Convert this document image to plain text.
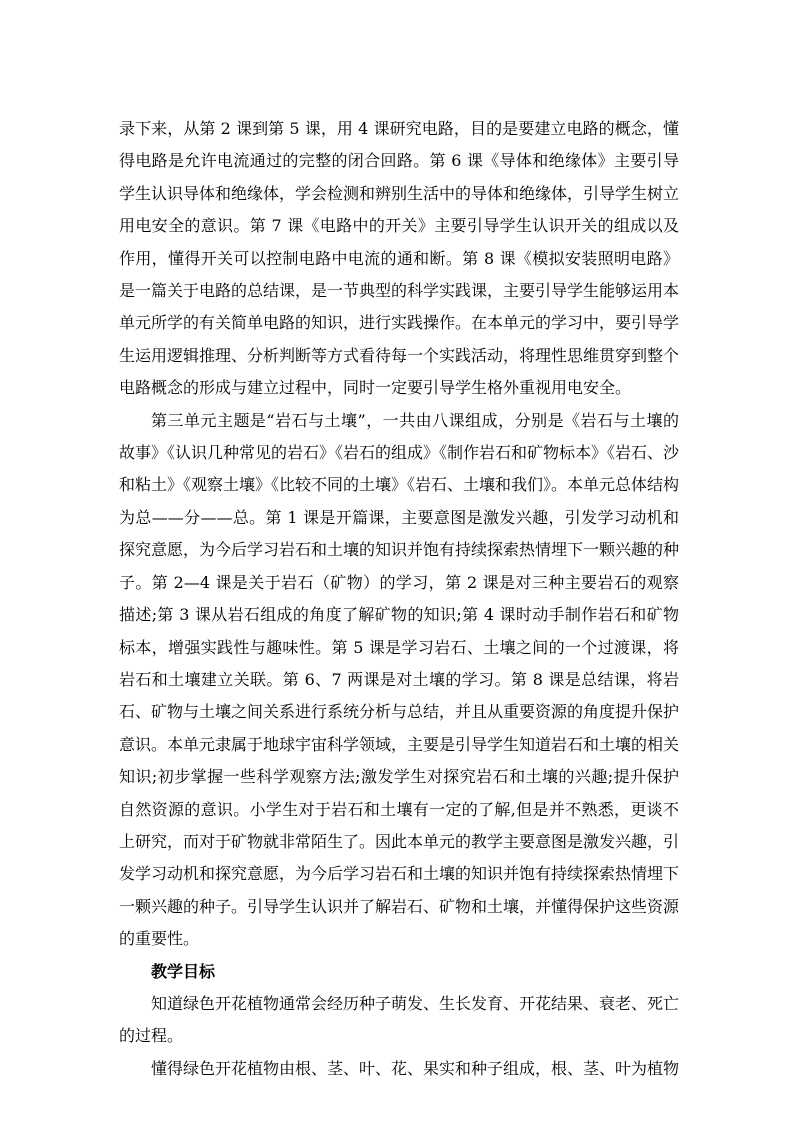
录下来，从第 2 课到第 5 课，用 4 课研究电路，目的是要建立电路的概念，懂得电路是允许电流通过的完整的闭合回路。第 6 课《导体和绝缘体》主要引导学生认识导体和绝缘体，学会检测和辨别生活中的导体和绝缘体，引导学生树立用电安全的意识。第 7 课《电路中的开关》主要引导学生认识开关的组成以及作用，懂得开关可以控制电路中电流的通和断。第 8 课《模拟安装照明电路》是一篇关于电路的总结课，是一节典型的科学实践课，主要引导学生能够运用本单元所学的有关简单电路的知识，进行实践操作。在本单元的学习中，要引导学生运用逻辑推理、分析判断等方式看待每一个实践活动，将理性思维贯穿到整个电路概念的形成与建立过程中，同时一定要引导学生格外重视用电安全。

第三单元主题是“岩石与土壤”，一共由八课组成，分别是《岩石与土壤的故事》《认识几种常见的岩石》《岩石的组成》《制作岩石和矿物标本》《岩石、沙和粘土》《观察土壤》《比较不同的土壤》《岩石、土壤和我们》。本单元总体结构为总——分——总。第 1 课是开篇课，主要意图是激发兴趣，引发学习动机和探究意愿，为今后学习岩石和土壤的知识并饱有持续探索热情埋下一颗兴趣的种子。第 2—4 课是关于岩石（矿物）的学习，第 2 课是对三种主要岩石的观察描述;第 3 课从岩石组成的角度了解矿物的知识;第 4 课时动手制作岩石和矿物标本，增强实践性与趣味性。第 5 课是学习岩石、土壤之间的一个过渡课，将岩石和土壤建立关联。第 6、7 两课是对土壤的学习。第 8 课是总结课，将岩石、矿物与土壤之间关系进行系统分析与总结，并且从重要资源的角度提升保护意识。本单元隶属于地球宇宙科学领域，主要是引导学生知道岩石和土壤的相关知识;初步掌握一些科学观察方法;激发学生对探究岩石和土壤的兴趣;提升保护自然资源的意识。小学生对于岩石和土壤有一定的了解,但是并不熟悉，更谈不上研究，而对于矿物就非常陌生了。因此本单元的教学主要意图是激发兴趣，引发学习动机和探究意愿，为今后学习岩石和土壤的知识并饱有持续探索热情埋下一颗兴趣的种子。引导学生认识并了解岩石、矿物和土壤，并懂得保护这些资源的重要性。

教学目标

知道绿色开花植物通常会经历种子萌发、生长发育、开花结果、衰老、死亡的过程。

懂得绿色开花植物由根、茎、叶、花、果实和种子组成，根、茎、叶为植物
